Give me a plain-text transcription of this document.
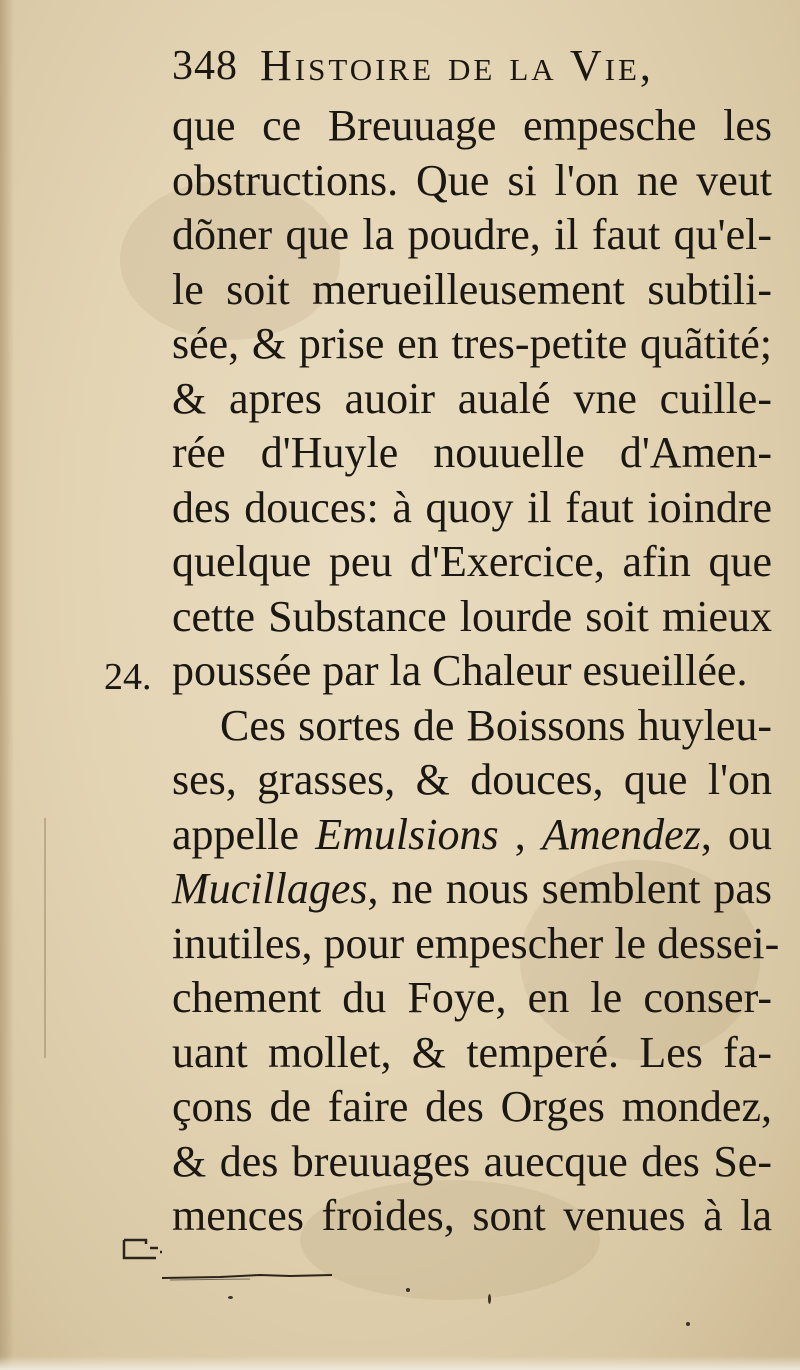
348 Histoire de la Vie,
24.
que ce Breuuage empesche les
obstructions. Que si l'on ne veut
dõner que la poudre, il faut qu'el-
le soit merueilleusement subtili-
sée, & prise en tres-petite quãtité;
& apres auoir aualé vne cuille-
rée d'Huyle nouuelle d'Amen-
des douces: à quoy il faut ioindre
quelque peu d'Exercice, afin que
cette Substance lourde soit mieux
poussée par la Chaleur esueillée.
Ces sortes de Boissons huyleu-
ses, grasses, & douces, que l'on
appelle Emulsions , Amendez, ou
Mucillages, ne nous semblent pas
inutiles, pour empescher le dessei-
chement du Foye, en le conser-
uant mollet, & temperé. Les fa-
çons de faire des Orges mondez,
& des breuuages auecque des Se-
mences froides, sont venues à la
